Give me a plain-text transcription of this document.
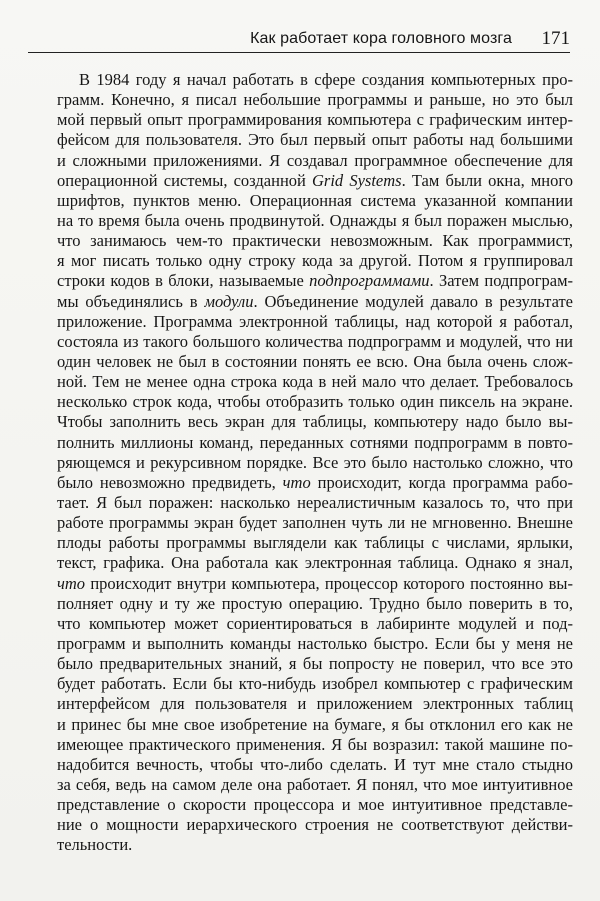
Как работает кора головного мозга 171
В 1984 году я начал работать в сфере создания компьютерных про-
грамм. Конечно, я писал небольшие программы и раньше, но это был
мой первый опыт программирования компьютера с графическим интер-
фейсом для пользователя. Это был первый опыт работы над большими
и сложными приложениями. Я создавал программное обеспечение для
операционной системы, созданной Grid Systems. Там были окна, много
шрифтов, пунктов меню. Операционная система указанной компании
на то время была очень продвинутой. Однажды я был поражен мыслью,
что занимаюсь чем-то практически невозможным. Как программист,
я мог писать только одну строку кода за другой. Потом я группировал
строки кодов в блоки, называемые подпрограммами. Затем подпрограм-
мы объединялись в модули. Объединение модулей давало в результате
приложение. Программа электронной таблицы, над которой я работал,
состояла из такого большого количества подпрограмм и модулей, что ни
один человек не был в состоянии понять ее всю. Она была очень слож-
ной. Тем не менее одна строка кода в ней мало что делает. Требовалось
несколько строк кода, чтобы отобразить только один пиксель на экране.
Чтобы заполнить весь экран для таблицы, компьютеру надо было вы-
полнить миллионы команд, переданных сотнями подпрограмм в повто-
ряющемся и рекурсивном порядке. Все это было настолько сложно, что
было невозможно предвидеть, что происходит, когда программа рабо-
тает. Я был поражен: насколько нереалистичным казалось то, что при
работе программы экран будет заполнен чуть ли не мгновенно. Внешне
плоды работы программы выглядели как таблицы с числами, ярлыки,
текст, графика. Она работала как электронная таблица. Однако я знал,
что происходит внутри компьютера, процессор которого постоянно вы-
полняет одну и ту же простую операцию. Трудно было поверить в то,
что компьютер может сориентироваться в лабиринте модулей и под-
программ и выполнить команды настолько быстро. Если бы у меня не
было предварительных знаний, я бы попросту не поверил, что все это
будет работать. Если бы кто-нибудь изобрел компьютер с графическим
интерфейсом для пользователя и приложением электронных таблиц
и принес бы мне свое изобретение на бумаге, я бы отклонил его как не
имеющее практического применения. Я бы возразил: такой машине по-
надобится вечность, чтобы что-либо сделать. И тут мне стало стыдно
за себя, ведь на самом деле она работает. Я понял, что мое интуитивное
представление о скорости процессора и мое интуитивное представле-
ние о мощности иерархического строения не соответствуют действи-
тельности.
